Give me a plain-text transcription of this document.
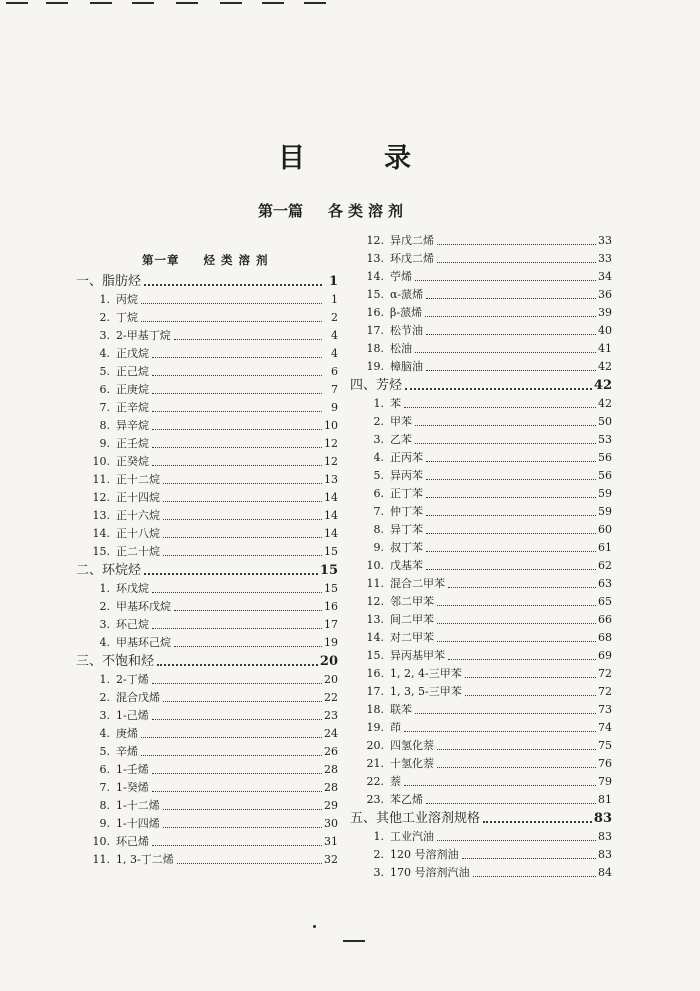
目	录
第一篇 各类溶剂
第一章 烃 类 溶 剂
一、脂肪烃	1
1. 丙烷	1
2. 丁烷	2
3. 2-甲基丁烷	4
4. 正戊烷	4
5. 正己烷	6
6. 正庚烷	7
7. 正辛烷	9
8. 异辛烷	10
9. 正壬烷	12
10. 正癸烷	12
11. 正十二烷	13
12. 正十四烷	14
13. 正十六烷	14
14. 正十八烷	14
15. 正二十烷	15
二、环烷烃	15
1. 环戊烷	15
2. 甲基环戊烷	16
3. 环己烷	17
4. 甲基环己烷	19
三、不饱和烃	20
1. 2-丁烯	20
2. 混合戊烯	22
3. 1-己烯	23
4. 庚烯	24
5. 辛烯	26
6. 1-壬烯	28
7. 1-癸烯	28
8. 1-十二烯	29
9. 1-十四烯	30
10. 环己烯	31
11. 1, 3-丁二烯	32
12. 异戊二烯	33
13. 环戊二烯	33
14. 苧烯	34
15. α-蒎烯	36
16. β-蒎烯	39
17. 松节油	40
18. 松油	41
19. 樟脑油	42
四、芳烃	42
1. 苯	42
2. 甲苯	50
3. 乙苯	53
4. 正丙苯	56
5. 异丙苯	56
6. 正丁苯	59
7. 仲丁苯	59
8. 异丁苯	60
9. 叔丁苯	61
10. 戊基苯	62
11. 混合二甲苯	63
12. 邻二甲苯	65
13. 间二甲苯	66
14. 对二甲苯	68
15. 异丙基甲苯	69
16. 1, 2, 4-三甲苯	72
17. 1, 3, 5-三甲苯	72
18. 联苯	73
19. 茚	74
20. 四氢化萘	75
21. 十氢化萘	76
22. 萘	79
23. 苯乙烯	81
五、其他工业溶剂规格	83
1. 工业汽油	83
2. 120 号溶剂油	83
3. 170 号溶剂汽油	84
